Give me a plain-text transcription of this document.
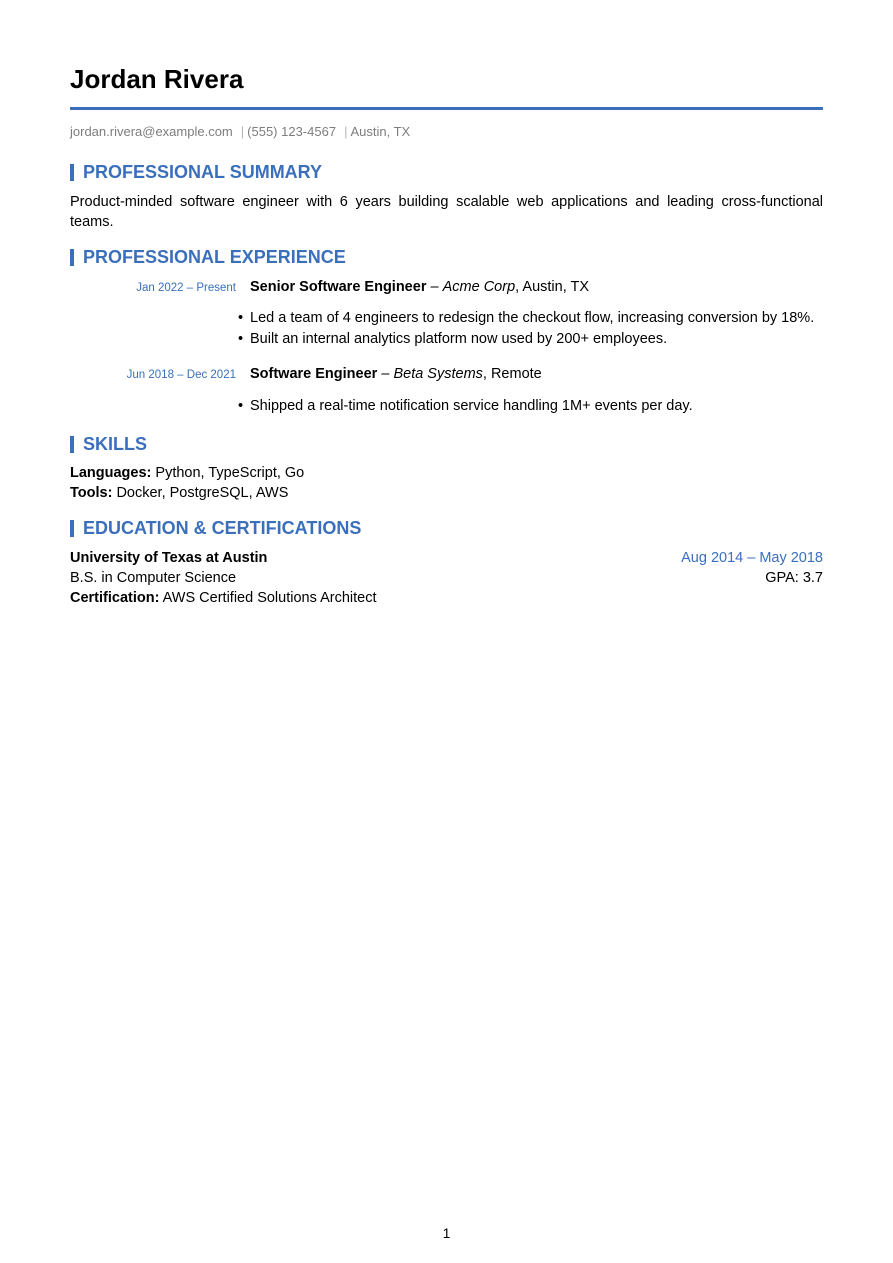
Jordan Rivera
jordan.rivera@example.com | (555) 123-4567 | Austin, TX
PROFESSIONAL SUMMARY
Product-minded software engineer with 6 years building scalable web applications and leading cross-functional teams.
PROFESSIONAL EXPERIENCE
Jan 2022 – Present Senior Software Engineer – Acme Corp, Austin, TX
• Led a team of 4 engineers to redesign the checkout flow, increasing conversion by 18%.
• Built an internal analytics platform now used by 200+ employees.
Jun 2018 – Dec 2021 Software Engineer – Beta Systems, Remote
• Shipped a real-time notification service handling 1M+ events per day.
SKILLS
Languages: Python, TypeScript, Go
Tools: Docker, PostgreSQL, AWS
EDUCATION & CERTIFICATIONS
University of Texas at Austin	Aug 2014 – May 2018
B.S. in Computer Science	GPA: 3.7
Certification: AWS Certified Solutions Architect
1
